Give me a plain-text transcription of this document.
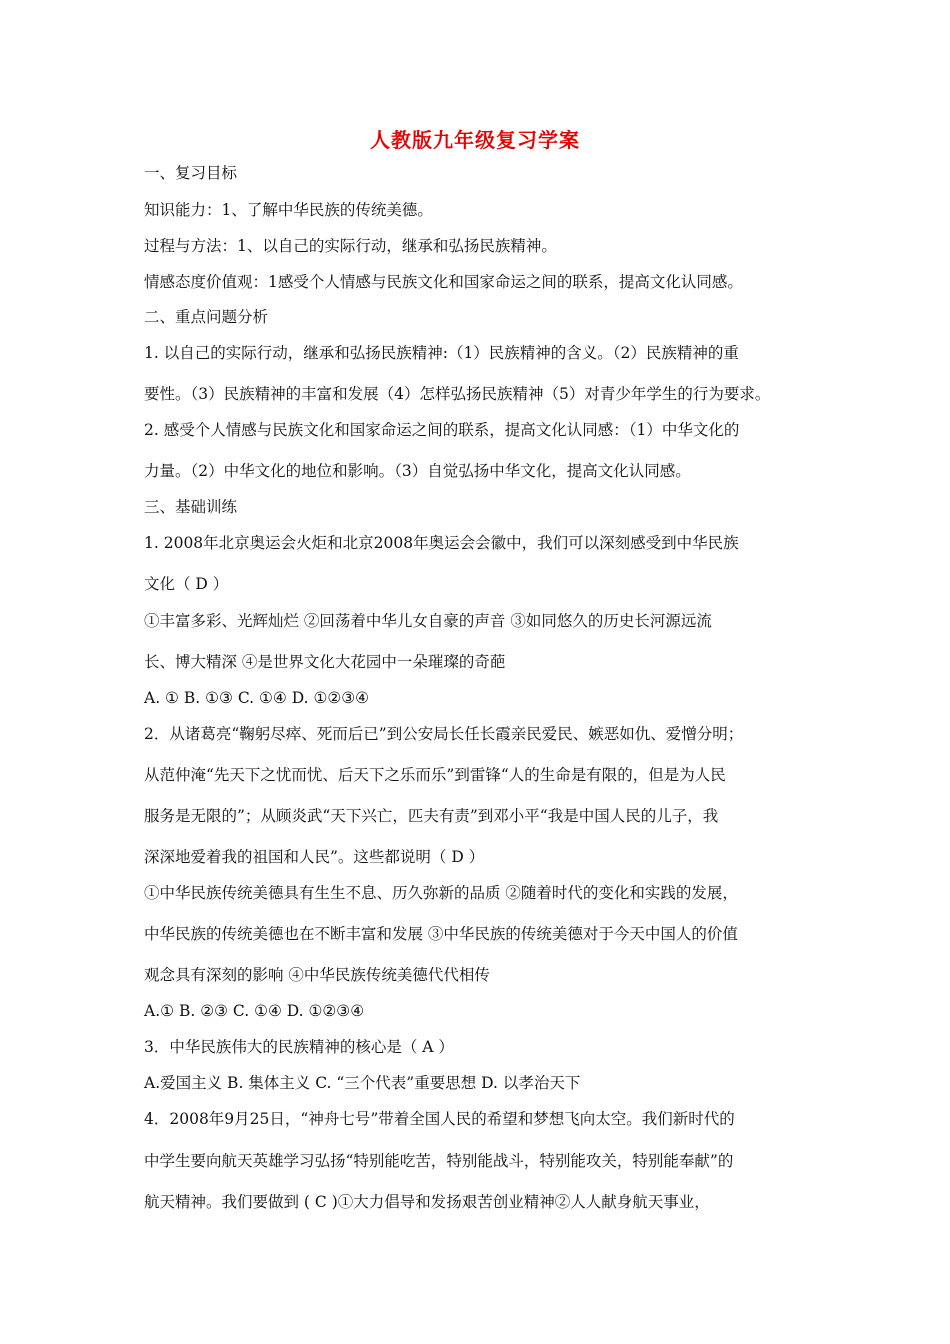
人教版九年级复习学案
一、复习目标
知识能力：1、了解中华民族的传统美德。
过程与方法：1、以自己的实际行动，继承和弘扬民族精神。
情感态度价值观：1感受个人情感与民族文化和国家命运之间的联系，提高文化认同感。
二、重点问题分析
1. 以自己的实际行动，继承和弘扬民族精神:（1）民族精神的含义。（2）民族精神的重
要性。（3）民族精神的丰富和发展（4）怎样弘扬民族精神（5）对青少年学生的行为要求。
2. 感受个人情感与民族文化和国家命运之间的联系，提高文化认同感：（1）中华文化的
力量。（2）中华文化的地位和影响。（3）自觉弘扬中华文化，提高文化认同感。
三、基础训练
1. 2008年北京奥运会火炬和北京2008年奥运会会徽中，我们可以深刻感受到中华民族
文化（ D ）
①丰富多彩、光辉灿烂 ②回荡着中华儿女自豪的声音 ③如同悠久的历史长河源远流
长、博大精深 ④是世界文化大花园中一朵璀璨的奇葩
A. ① B. ①③ C. ①④ D. ①②③④
2．从诸葛亮“鞠躬尽瘁、死而后已”到公安局长任长霞亲民爱民、嫉恶如仇、爱憎分明；
从范仲淹“先天下之忧而忧、后天下之乐而乐”到雷锋“人的生命是有限的，但是为人民
服务是无限的”；从顾炎武“天下兴亡，匹夫有责”到邓小平“我是中国人民的儿子，我
深深地爱着我的祖国和人民”。这些都说明（ D ）
①中华民族传统美德具有生生不息、历久弥新的品质 ②随着时代的变化和实践的发展，
中华民族的传统美德也在不断丰富和发展 ③中华民族的传统美德对于今天中国人的价值
观念具有深刻的影响 ④中华民族传统美德代代相传
A.① B. ②③ C. ①④ D. ①②③④
3．中华民族伟大的民族精神的核心是（ A ）
A.爱国主义 B. 集体主义 C. “三个代表”重要思想 D. 以孝治天下
4．2008年9月25日，“神舟七号”带着全国人民的希望和梦想飞向太空。我们新时代的
中学生要向航天英雄学习弘扬“特别能吃苦，特别能战斗，特别能攻关，特别能奉献”的
航天精神。我们要做到 ( C )①大力倡导和发扬艰苦创业精神②人人献身航天事业，
